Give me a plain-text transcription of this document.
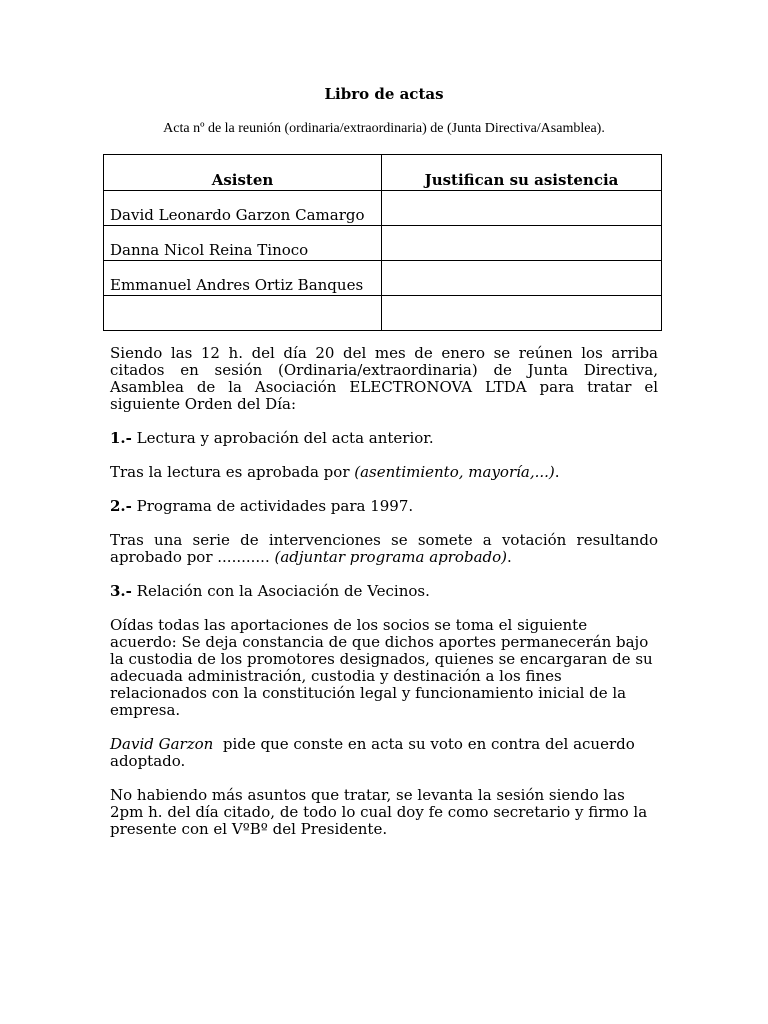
Libro de actas
Acta nº de la reunión (ordinaria/extraordinaria) de (Junta Directiva/Asamblea).
Asisten	Justifican su asistencia
David Leonardo Garzon Camargo	
Danna Nicol Reina Tinoco	
Emmanuel Andres Ortiz Banques	

Siendo las 12 h. del día 20 del mes de enero se reúnen los arriba citados en sesión (Ordinaria/extraordinaria) de Junta Directiva, Asamblea de la Asociación ELECTRONOVA LTDA para tratar el siguiente Orden del Día:

1.- Lectura y aprobación del acta anterior.

Tras la lectura es aprobada por (asentimiento, mayoría,...).

2.- Programa de actividades para 1997.

Tras una serie de intervenciones se somete a votación resultando aprobado por ........... (adjuntar programa aprobado).

3.- Relación con la Asociación de Vecinos.

Oídas todas las aportaciones de los socios se toma el siguiente acuerdo: Se deja constancia de que dichos aportes permanecerán bajo la custodia de los promotores designados, quienes se encargaran de su adecuada administración, custodia y destinación a los fines relacionados con la constitución legal y funcionamiento inicial de la empresa.

David Garzon  pide que conste en acta su voto en contra del acuerdo adoptado.

No habiendo más asuntos que tratar, se levanta la sesión siendo las 2pm h. del día citado, de todo lo cual doy fe como secretario y firmo la presente con el VºBº del Presidente.
